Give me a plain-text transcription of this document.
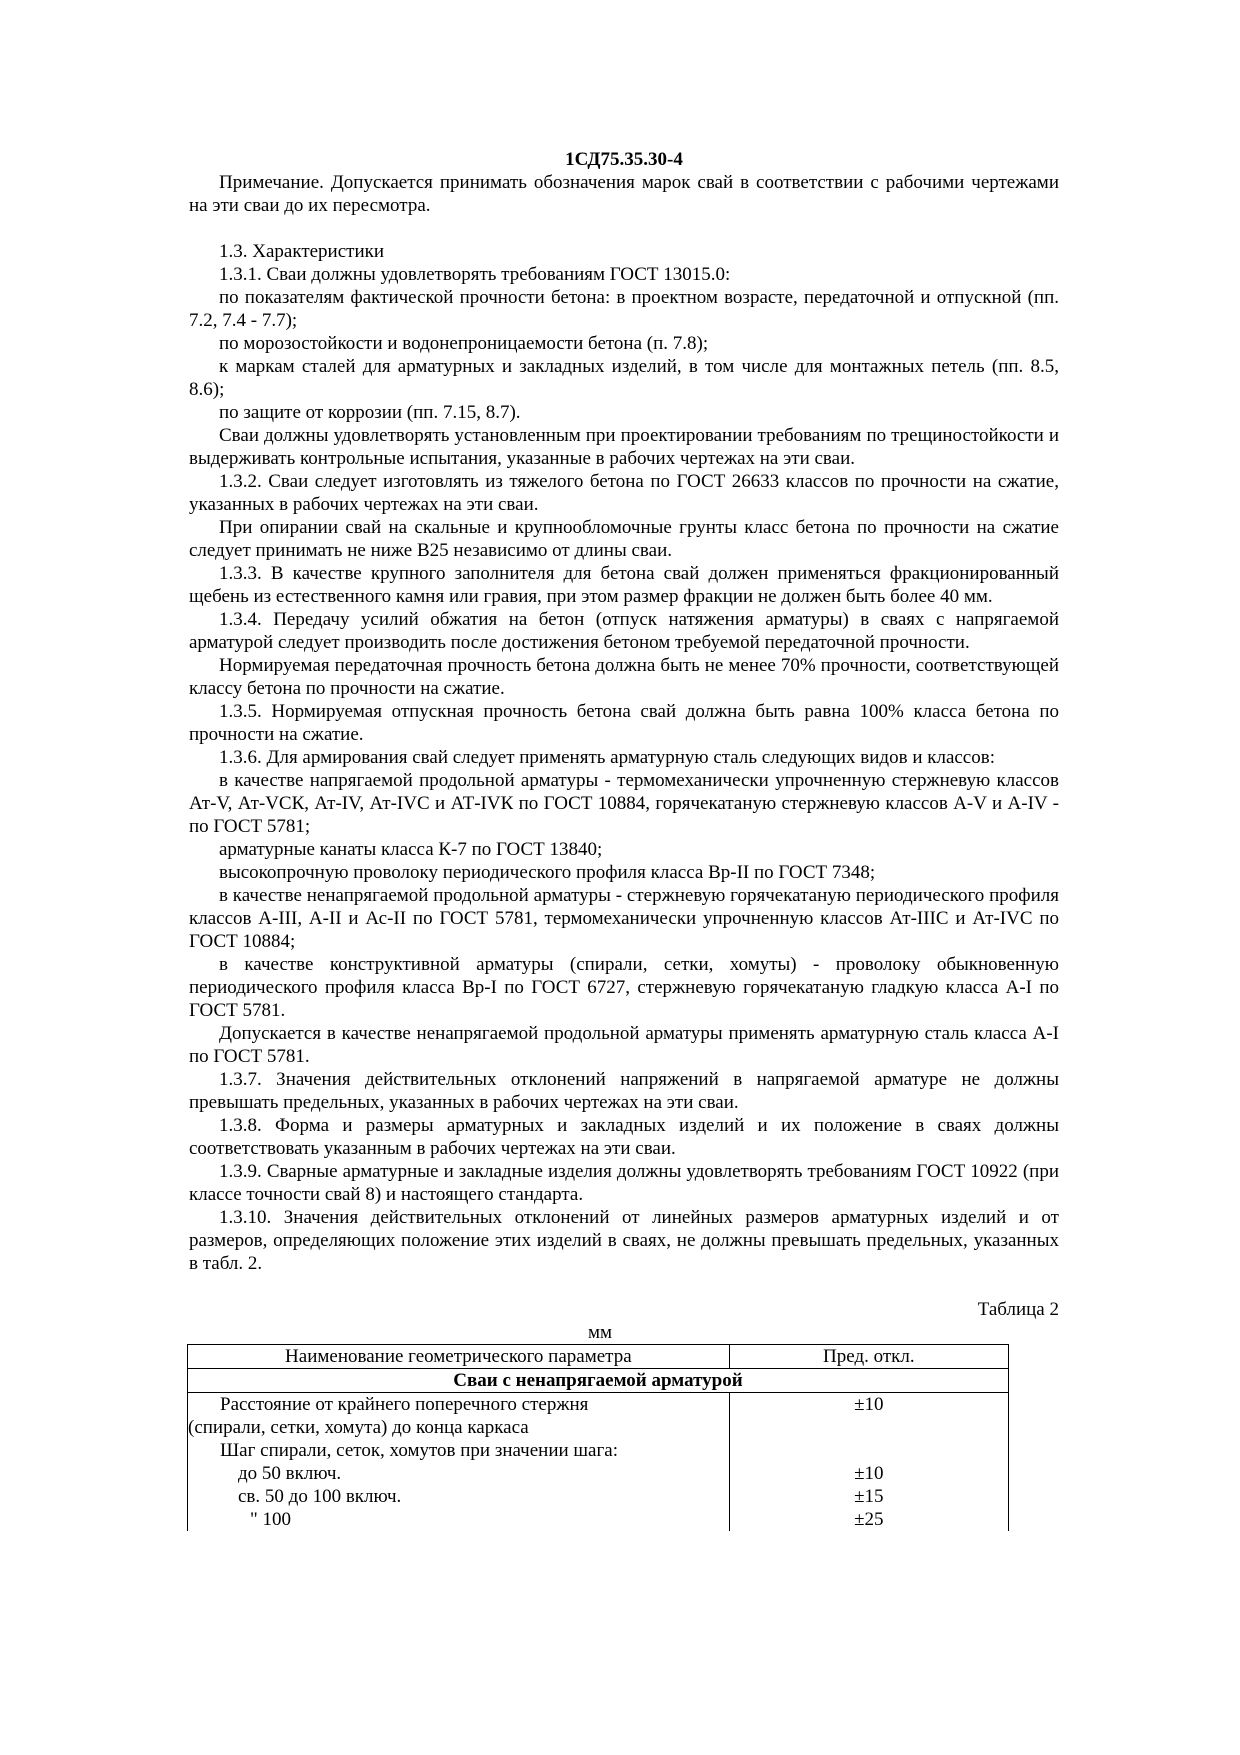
1СД75.35.30-4

Примечание. Допускается принимать обозначения марок свай в соответствии с рабочими чертежами на эти сваи до их пересмотра.

1.3. Характеристики

1.3.1. Сваи должны удовлетворять требованиям ГОСТ 13015.0:

по показателям фактической прочности бетона: в проектном возрасте, передаточной и отпускной (пп. 7.2, 7.4 - 7.7);

по морозостойкости и водонепроницаемости бетона (п. 7.8);

к маркам сталей для арматурных и закладных изделий, в том числе для монтажных петель (пп. 8.5, 8.6);

по защите от коррозии (пп. 7.15, 8.7).

Сваи должны удовлетворять установленным при проектировании требованиям по трещиностойкости и выдерживать контрольные испытания, указанные в рабочих чертежах на эти сваи.

1.3.2. Сваи следует изготовлять из тяжелого бетона по ГОСТ 26633 классов по прочности на сжатие, указанных в рабочих чертежах на эти сваи.

При опирании свай на скальные и крупнообломочные грунты класс бетона по прочности на сжатие следует принимать не ниже В25 независимо от длины сваи.

1.3.3. В качестве крупного заполнителя для бетона свай должен применяться фракционированный щебень из естественного камня или гравия, при этом размер фракции не должен быть более 40 мм.

1.3.4. Передачу усилий обжатия на бетон (отпуск натяжения арматуры) в сваях с напрягаемой арматурой следует производить после достижения бетоном требуемой передаточной прочности.

Нормируемая передаточная прочность бетона должна быть не менее 70% прочности, соответствующей классу бетона по прочности на сжатие.

1.3.5. Нормируемая отпускная прочность бетона свай должна быть равна 100% класса бетона по прочности на сжатие.

1.3.6. Для армирования свай следует применять арматурную сталь следующих видов и классов:

в качестве напрягаемой продольной арматуры - термомеханически упрочненную стержневую классов Ат-V, Ат-VСК, Ат-IV, Ат-IVС и АТ-IVК по ГОСТ 10884, горячекатаную стержневую классов А-V и А-IV - по ГОСТ 5781;

арматурные канаты класса К-7 по ГОСТ 13840;

высокопрочную проволоку периодического профиля класса Вр-II по ГОСТ 7348;

в качестве ненапрягаемой продольной арматуры - стержневую горячекатаную периодического профиля классов А-III, А-II и Ас-II по ГОСТ 5781, термомеханически упрочненную классов Ат-IIIС и Ат-IVС по ГОСТ 10884;

в качестве конструктивной арматуры (спирали, сетки, хомуты) - проволоку обыкновенную периодического профиля класса Вр-I по ГОСТ 6727, стержневую горячекатаную гладкую класса А-I по ГОСТ 5781.

Допускается в качестве ненапрягаемой продольной арматуры применять арматурную сталь класса А-I по ГОСТ 5781.

1.3.7. Значения действительных отклонений напряжений в напрягаемой арматуре не должны превышать предельных, указанных в рабочих чертежах на эти сваи.

1.3.8. Форма и размеры арматурных и закладных изделий и их положение в сваях должны соответствовать указанным в рабочих чертежах на эти сваи.

1.3.9. Сварные арматурные и закладные изделия должны удовлетворять требованиям ГОСТ 10922 (при классе точности свай 8) и настоящего стандарта.

1.3.10. Значения действительных отклонений от линейных размеров арматурных изделий и от размеров, определяющих положение этих изделий в сваях, не должны превышать предельных, указанных в табл. 2.

Таблица 2

мм

Наименование геометрического параметра	Пред. откл.
Сваи с ненапрягаемой арматурой	

Расстояние от крайнего поперечного стержня
(спирали, сетки, хомута) до конца каркаса	±10
Шаг спирали, сеток, хомутов при значении шага:	
до 50 включ.	±10
св. 50 до 100 включ.	±15
" 100	±25
